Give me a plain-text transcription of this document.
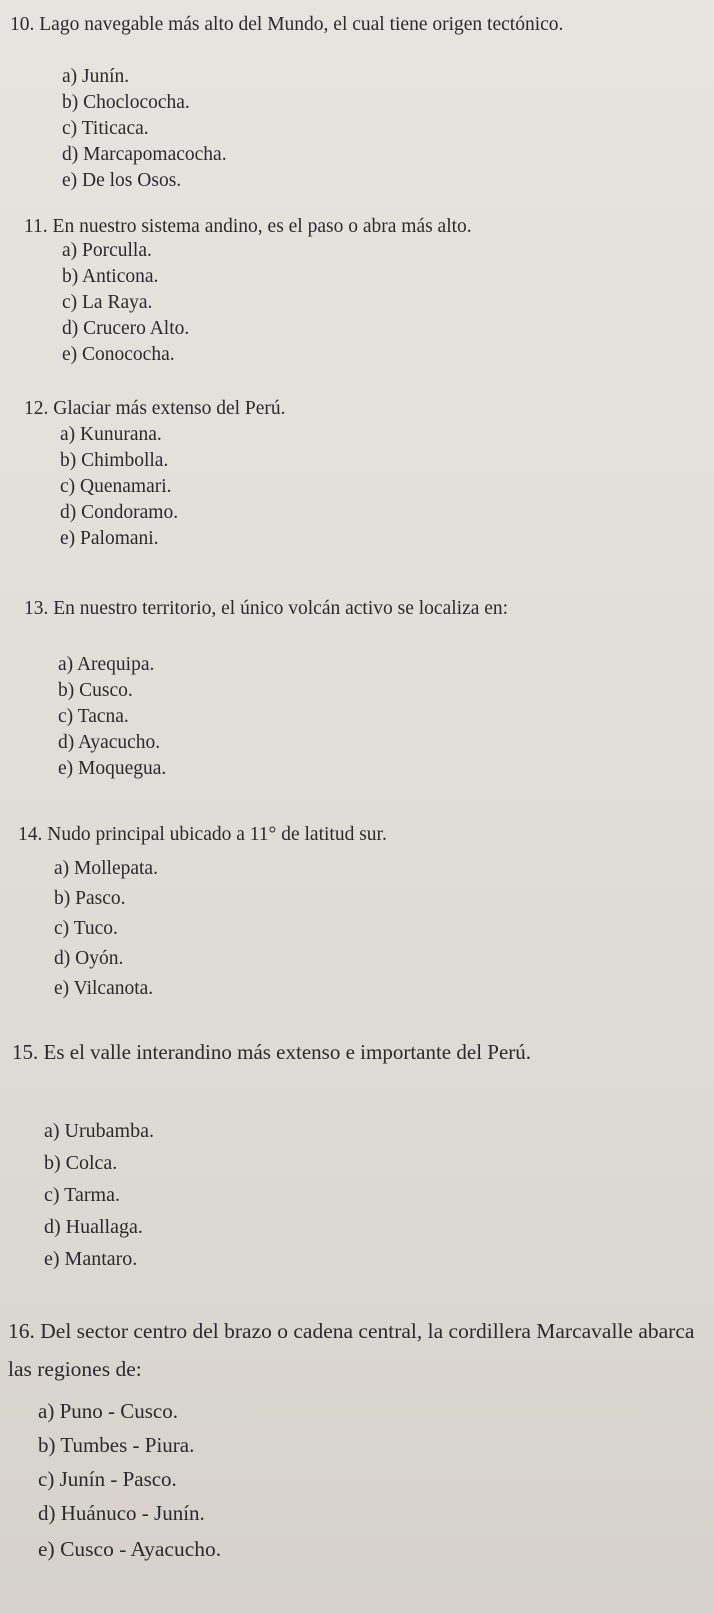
10. Lago navegable más alto del Mundo, el cual tiene origen tectónico.

a) Junín.
b) Choclococha.
c) Titicaca.
d) Marcapomacocha.
e) De los Osos.

11. En nuestro sistema andino, es el paso o abra más alto.

a) Porculla.
b) Anticona.
c) La Raya.
d) Crucero Alto.
e) Conococha.

12. Glaciar más extenso del Perú.

a) Kunurana.
b) Chimbolla.
c) Quenamari.
d) Condoramo.
e) Palomani.

13. En nuestro territorio, el único volcán activo se localiza en:

a) Arequipa.
b) Cusco.
c) Tacna.
d) Ayacucho.
e) Moquegua.

14. Nudo principal ubicado a 11° de latitud sur.

a) Mollepata.
b) Pasco.
c) Tuco.
d) Oyón.
e) Vilcanota.

15. Es el valle interandino más extenso e importante del Perú.

a) Urubamba.
b) Colca.
c) Tarma.
d) Huallaga.
e) Mantaro.

16. Del sector centro del brazo o cadena central, la cordillera Marcavalle abarca las regiones de:

a) Puno - Cusco.
b) Tumbes - Piura.
c) Junín - Pasco.
d) Huánuco - Junín.
e) Cusco - Ayacucho.
